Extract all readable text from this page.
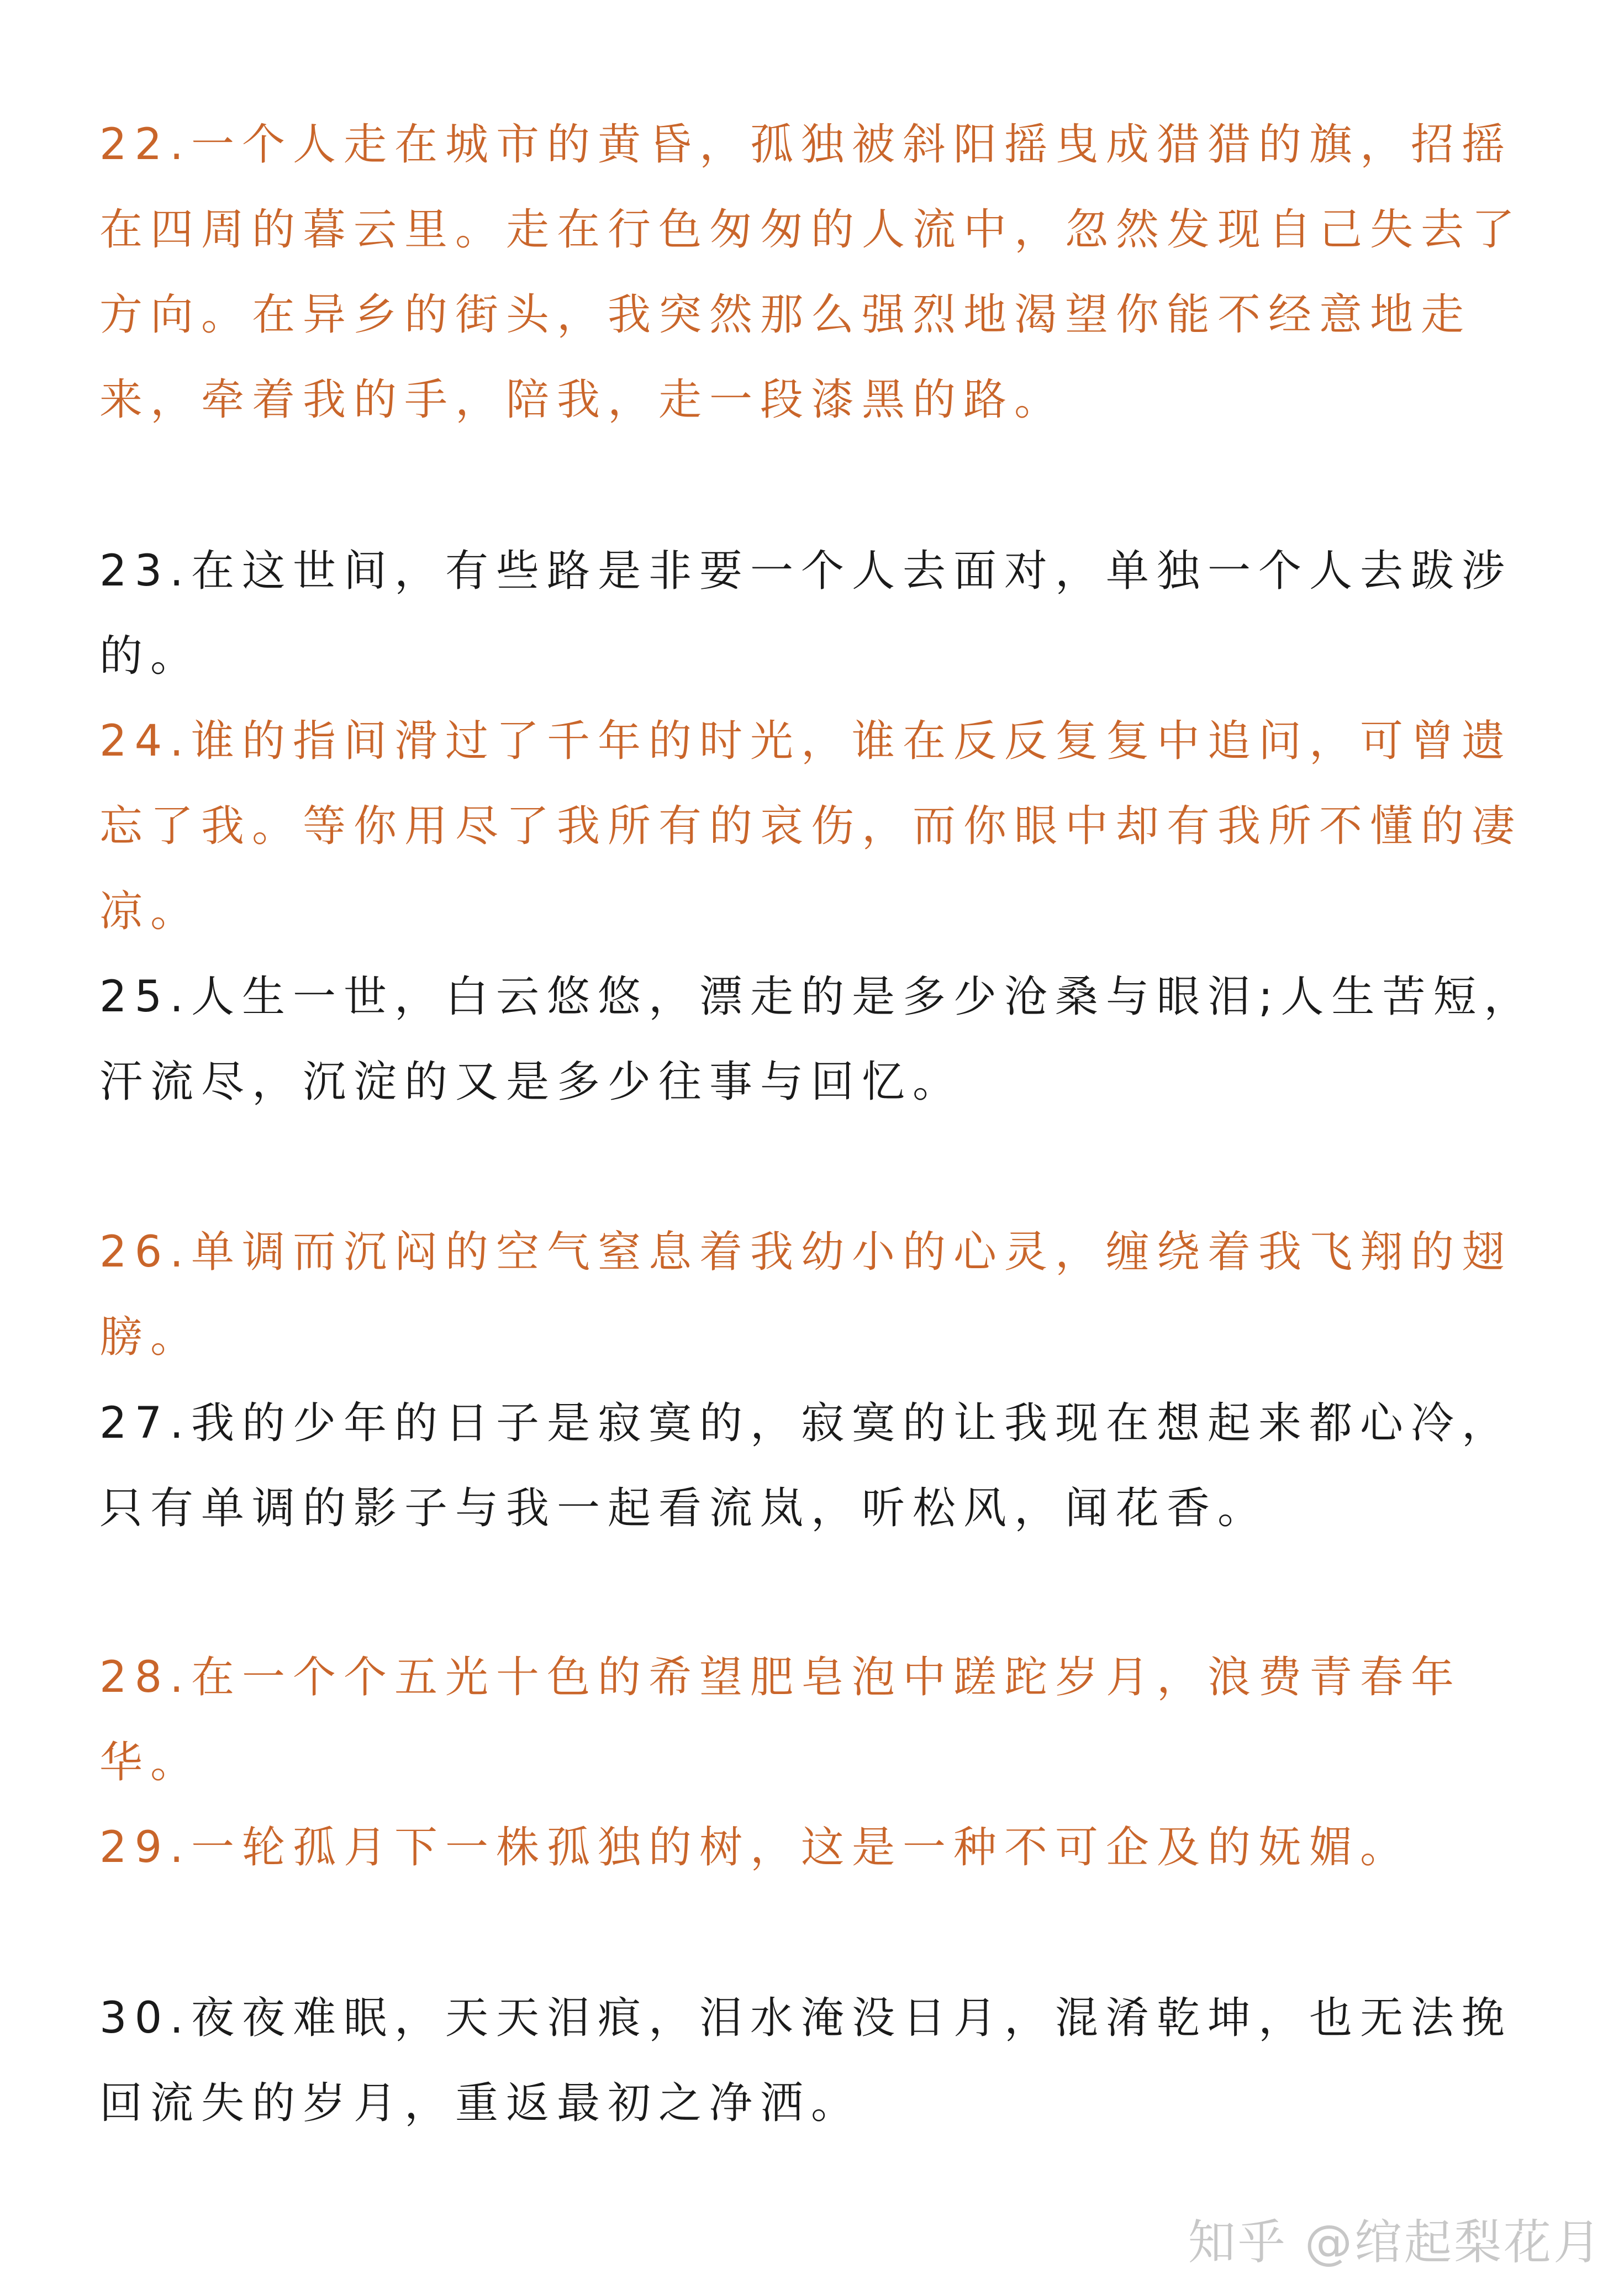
22.一个人走在城市的黄昏，孤独被斜阳摇曳成猎猎的旗，招摇在四周的暮云里。走在行色匆匆的人流中，忽然发现自己失去了方向。在异乡的街头，我突然那么强烈地渴望你能不经意地走来，牵着我的手，陪我，走一段漆黑的路。

23.在这世间，有些路是非要一个人去面对，单独一个人去跋涉的。

24.谁的指间滑过了千年的时光，谁在反反复复中追问，可曾遗忘了我。等你用尽了我所有的哀伤，而你眼中却有我所不懂的凄凉。

25.人生一世，白云悠悠，漂走的是多少沧桑与眼泪;人生苦短，汗流尽，沉淀的又是多少往事与回忆。

26.单调而沉闷的空气窒息着我幼小的心灵，缠绕着我飞翔的翅膀。

27.我的少年的日子是寂寞的，寂寞的让我现在想起来都心冷，只有单调的影子与我一起看流岚，听松风，闻花香。

28.在一个个五光十色的希望肥皂泡中蹉跎岁月，浪费青春年华。

29.一轮孤月下一株孤独的树，这是一种不可企及的妩媚。

30.夜夜难眠，天天泪痕，泪水淹没日月，混淆乾坤，也无法挽回流失的岁月，重返最初之净洒。

知乎 @绾起梨花月
